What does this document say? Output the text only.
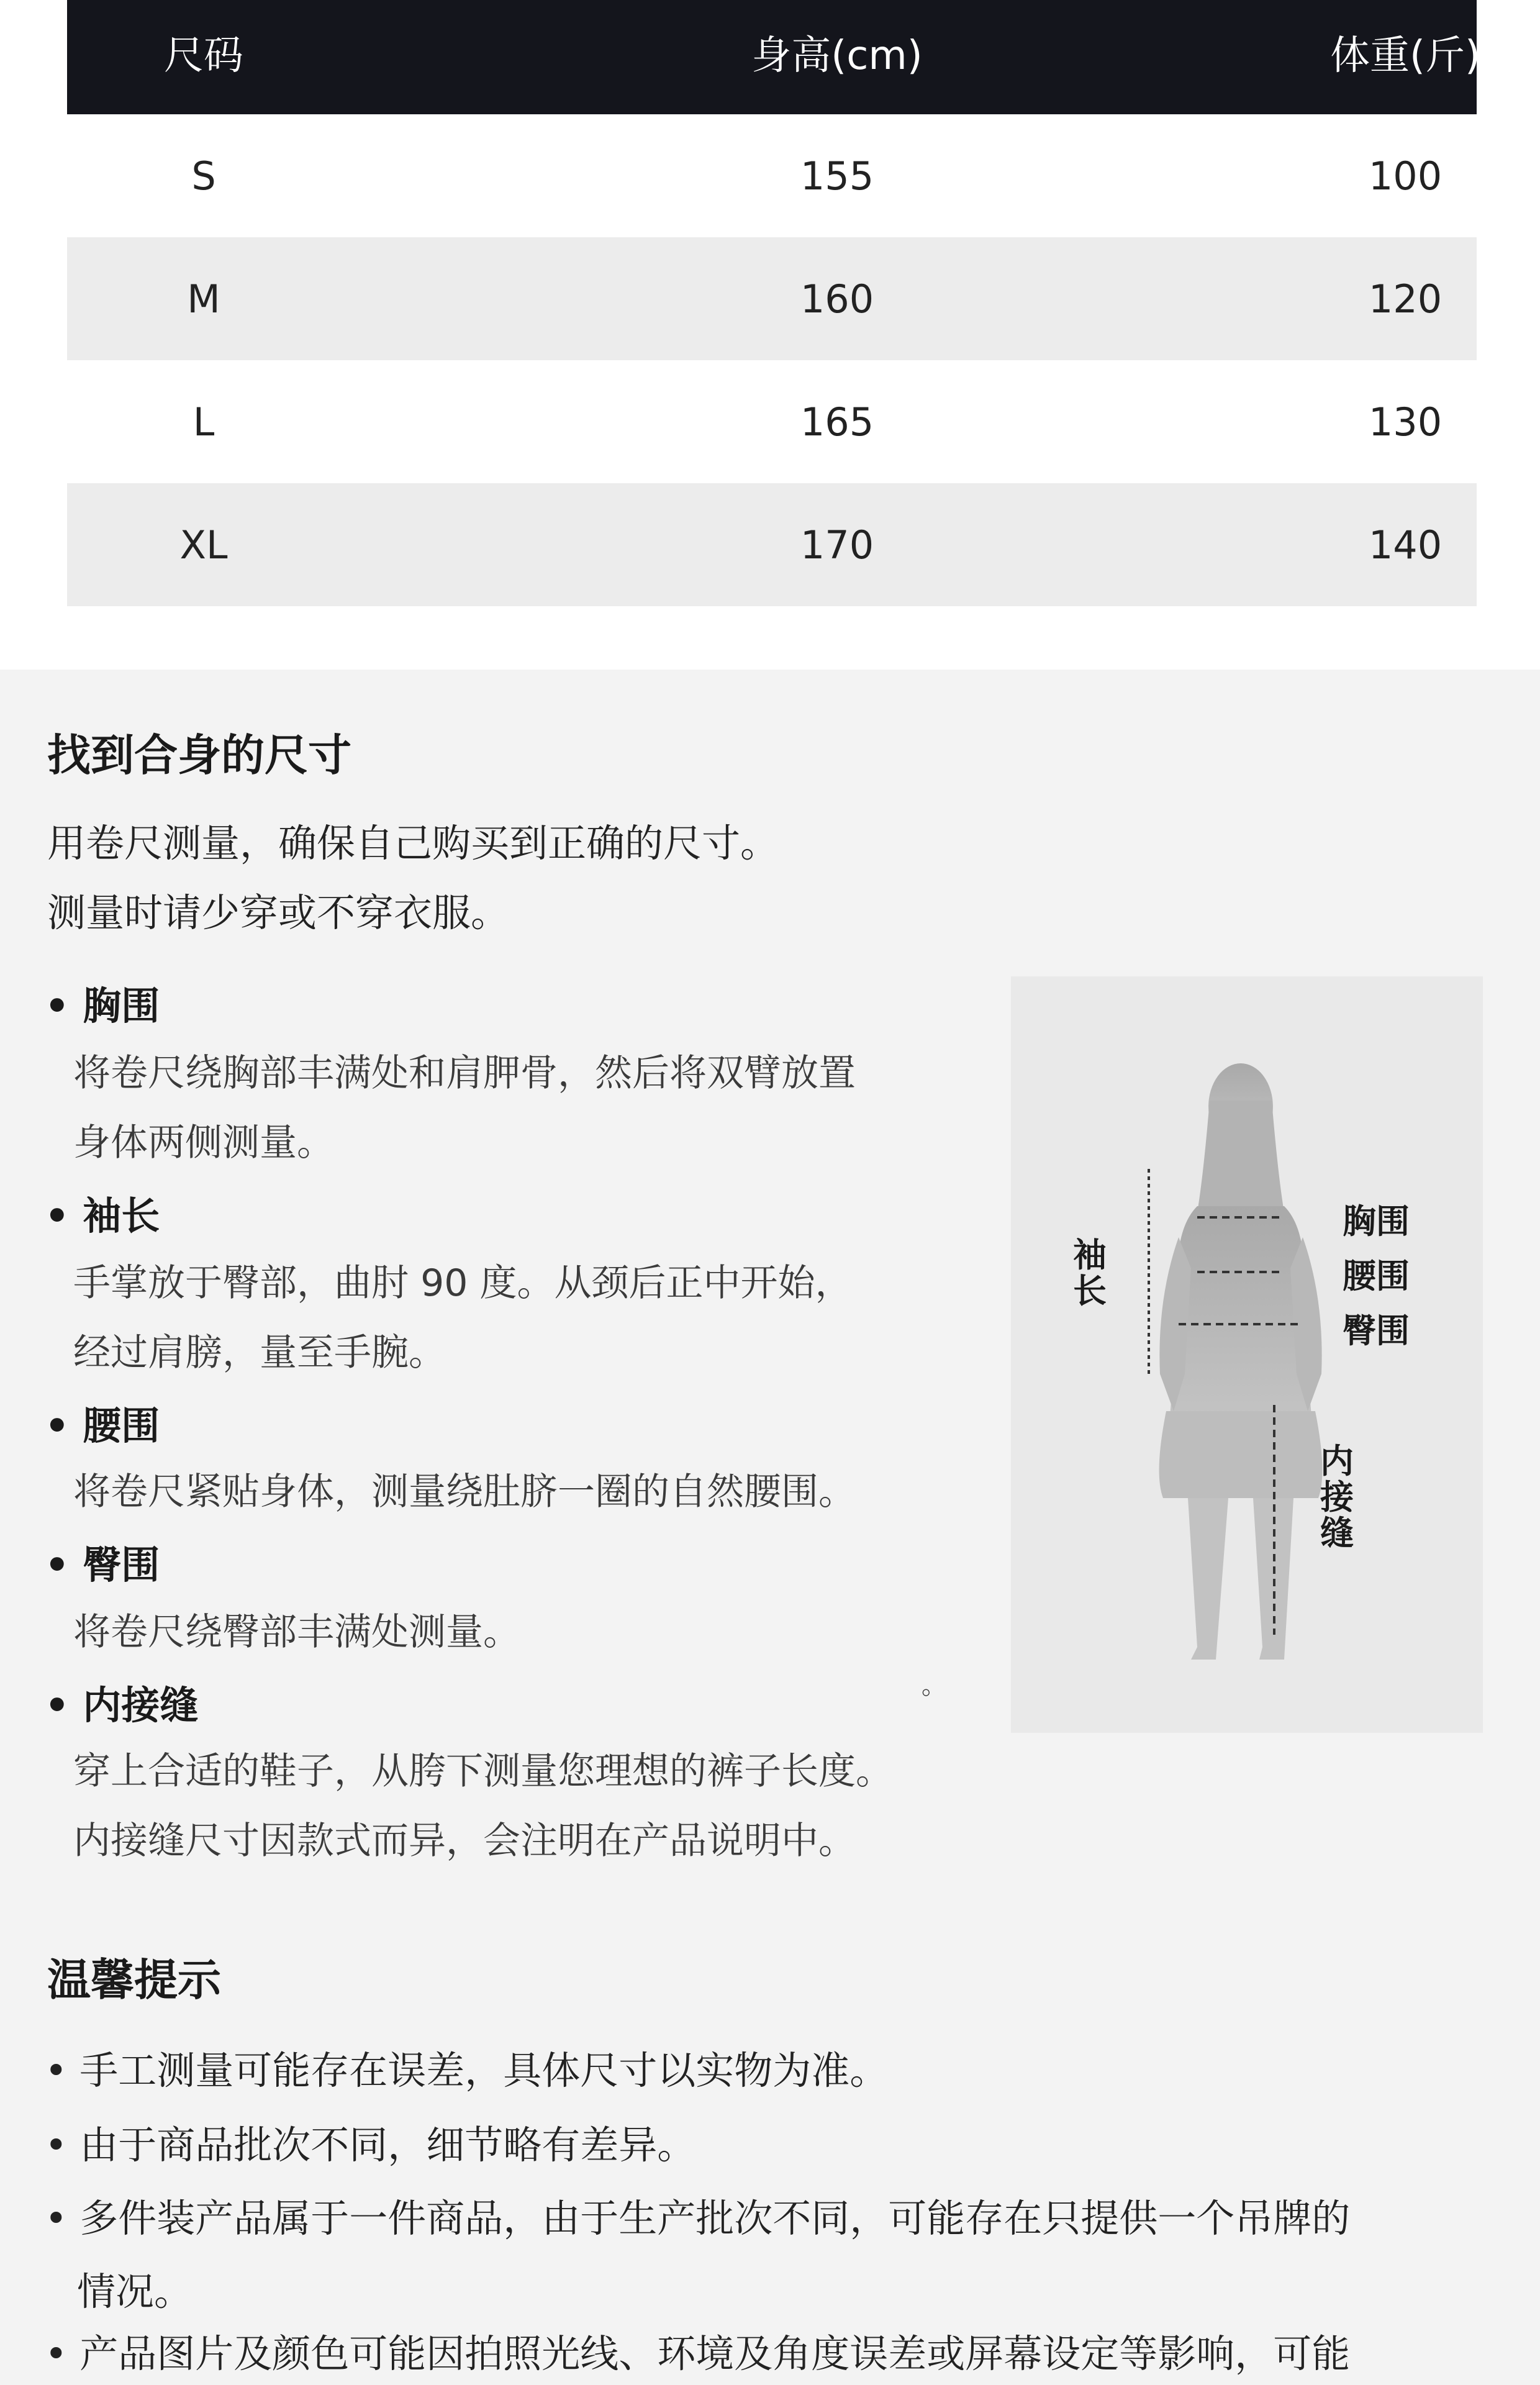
尺码	身高(cm)	体重(斤)
S	155	100
M	160	120
L	165	130
XL	170	140
找到合身的尺寸
用卷尺测量，确保自己购买到正确的尺寸。
测量时请少穿或不穿衣服。
• 胸围
将卷尺绕胸部丰满处和肩胛骨，然后将双臂放置
身体两侧测量。
• 袖长
手掌放于臀部，曲肘 90 度。从颈后正中开始，
经过肩膀，量至手腕。
• 腰围
将卷尺紧贴身体，测量绕肚脐一圈的自然腰围。
• 臀围
将卷尺绕臀部丰满处测量。
• 内接缝
穿上合适的鞋子，从胯下测量您理想的裤子长度。
内接缝尺寸因款式而异，会注明在产品说明中。
。
袖长
胸围
腰围
臀围
内接缝
温馨提示
• 手工测量可能存在误差，具体尺寸以实物为准。
• 由于商品批次不同，细节略有差异。
• 多件装产品属于一件商品，由于生产批次不同，可能存在只提供一个吊牌的
情况。
• 产品图片及颜色可能因拍照光线、环境及角度误差或屏幕设定等影响，可能
